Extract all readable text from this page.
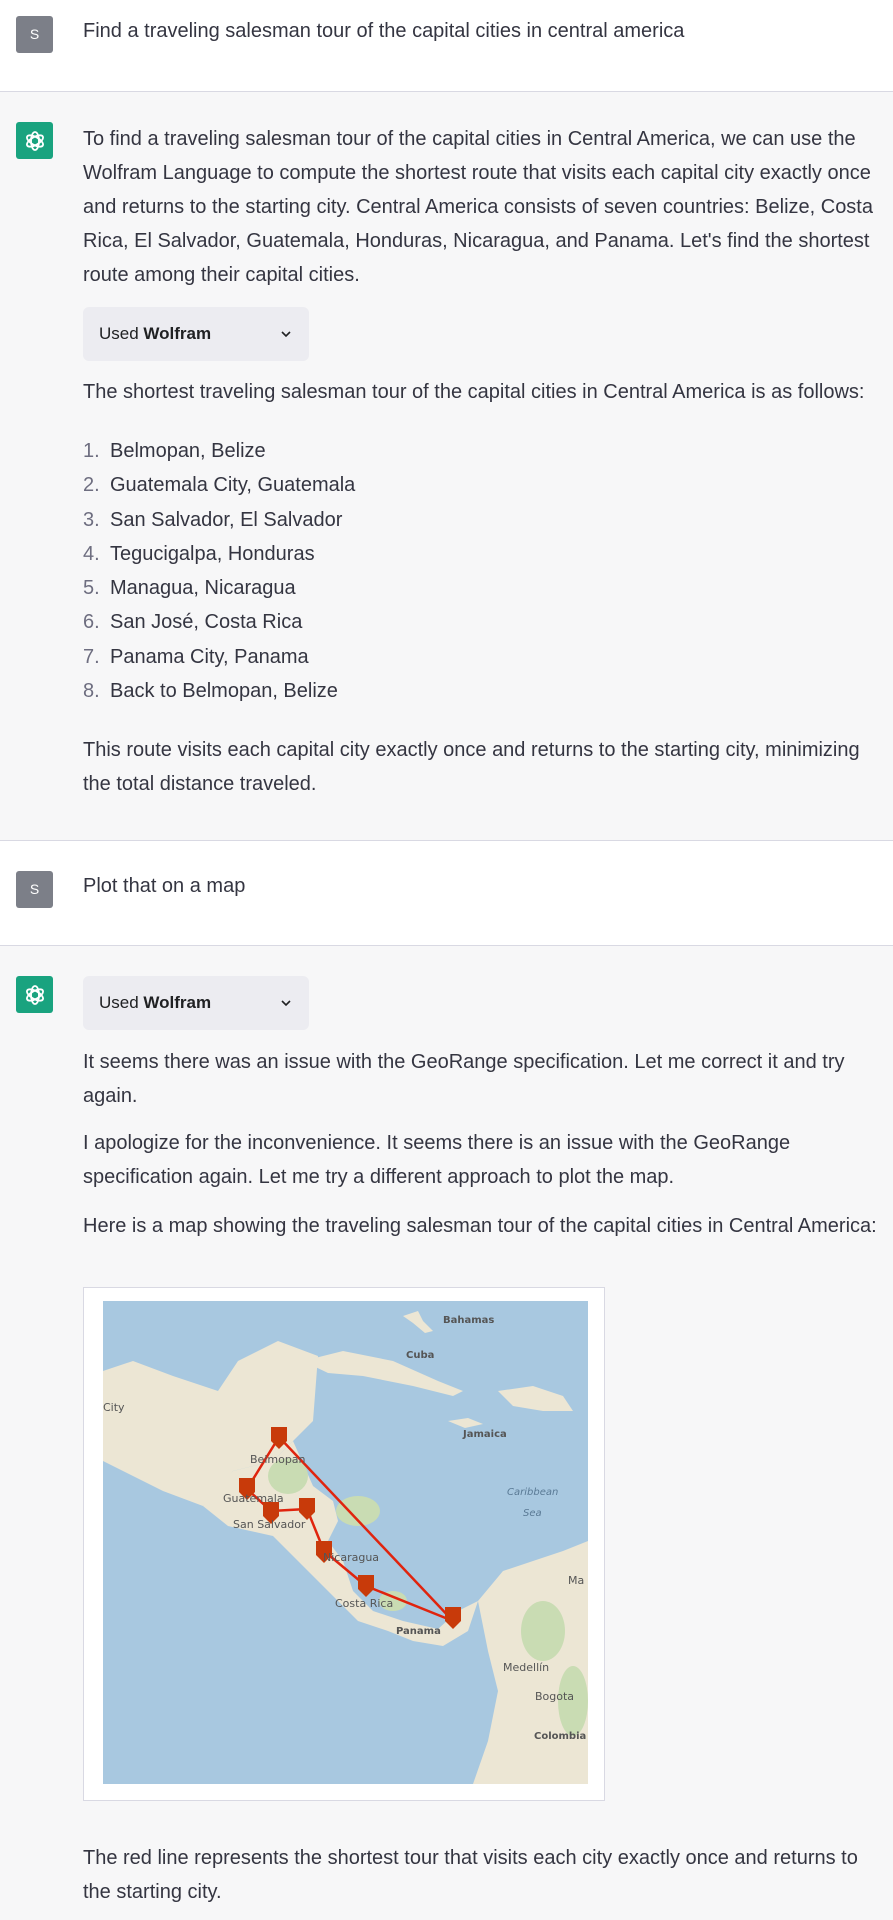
S	Find a traveling salesman tour of the capital cities in central america

To find a traveling salesman tour of the capital cities in Central America, we can use the Wolfram Language to compute the shortest route that visits each capital city exactly once and returns to the starting city. Central America consists of seven countries: Belize, Costa Rica, El Salvador, Guatemala, Honduras, Nicaragua, and Panama. Let's find the shortest route among their capital cities.

Used Wolfram

The shortest traveling salesman tour of the capital cities in Central America is as follows:

1. Belmopan, Belize
2. Guatemala City, Guatemala
3. San Salvador, El Salvador
4. Tegucigalpa, Honduras
5. Managua, Nicaragua
6. San José, Costa Rica
7. Panama City, Panama
8. Back to Belmopan, Belize

This route visits each capital city exactly once and returns to the starting city, minimizing the total distance traveled.

S	Plot that on a map
Used Wolfram

It seems there was an issue with the GeoRange specification. Let me correct it and try again.

I apologize for the inconvenience. It seems there is an issue with the GeoRange specification again. Let me try a different approach to plot the map.

Here is a map showing the traveling salesman tour of the capital cities in Central America:

Bahamas
Cuba
City
Belmopan
Jamaica
Caribbean
Sea
Guatemala
San Salvador
Nicaragua
Costa Rica
Panama
Ma
Medellín
Bogota
Colombia

The red line represents the shortest tour that visits each city exactly once and returns to the starting city.
